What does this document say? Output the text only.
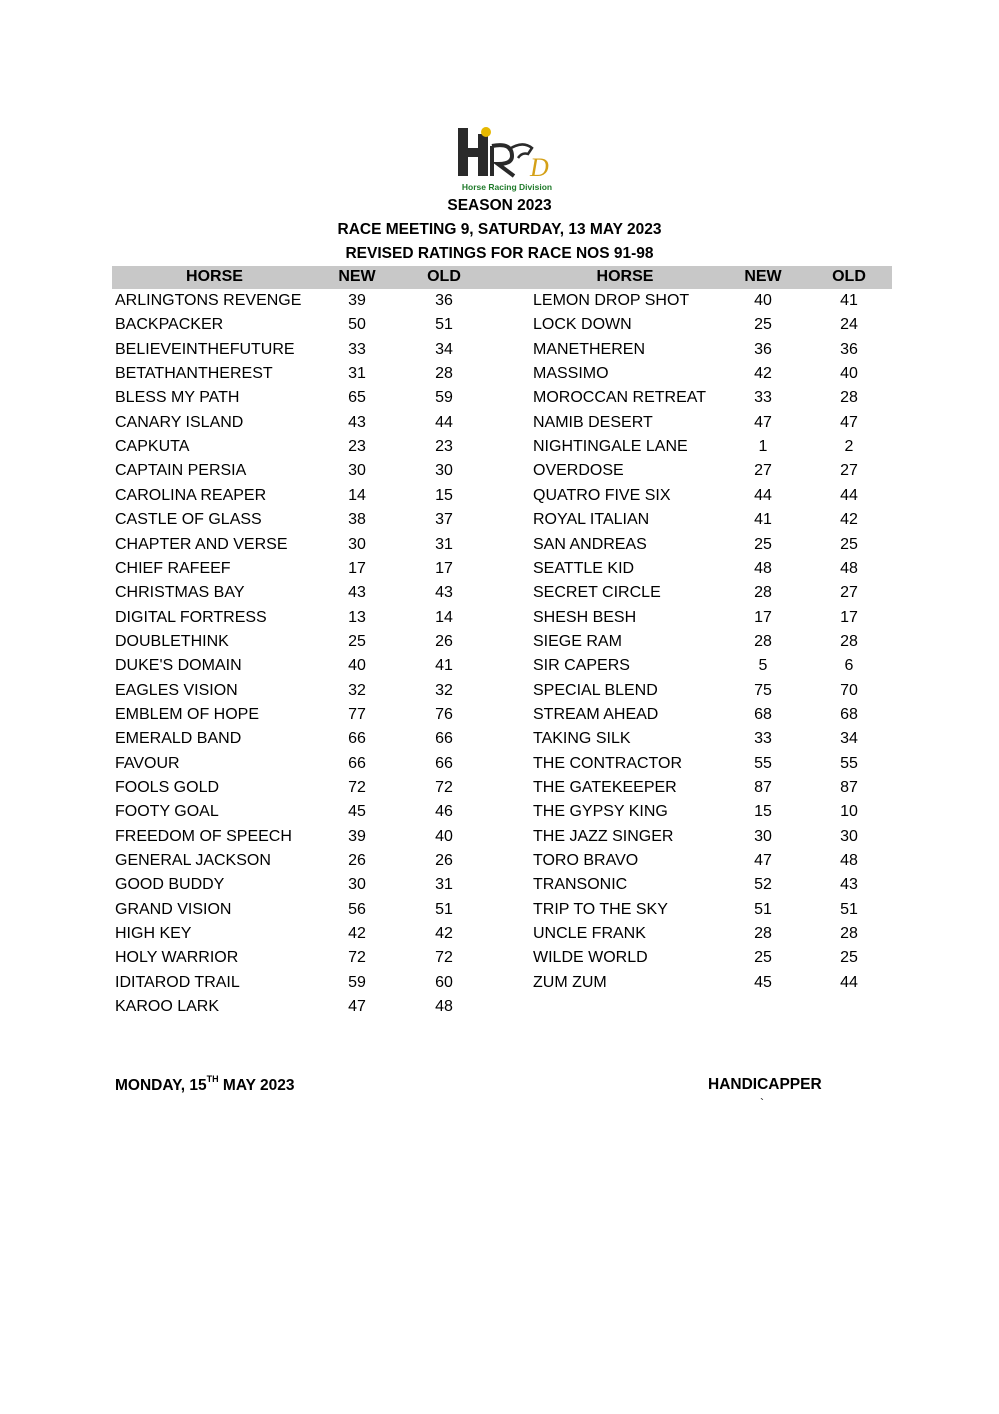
D
Horse Racing Division
SEASON 2023
RACE MEETING 9, SATURDAY, 13 MAY 2023
REVISED RATINGS FOR RACE NOS 91-98
HORSE	NEW	OLD	HORSE	NEW	OLD
ARLINGTONS REVENGE	39	36	LEMON DROP SHOT	40	41
BACKPACKER	50	51	LOCK DOWN	25	24
BELIEVEINTHEFUTURE	33	34	MANETHEREN	36	36
BETATHANTHEREST	31	28	MASSIMO	42	40
BLESS MY PATH	65	59	MOROCCAN RETREAT	33	28
CANARY ISLAND	43	44	NAMIB DESERT	47	47
CAPKUTA	23	23	NIGHTINGALE LANE	1	2
CAPTAIN PERSIA	30	30	OVERDOSE	27	27
CAROLINA REAPER	14	15	QUATRO FIVE SIX	44	44
CASTLE OF GLASS	38	37	ROYAL ITALIAN	41	42
CHAPTER AND VERSE	30	31	SAN ANDREAS	25	25
CHIEF RAFEEF	17	17	SEATTLE KID	48	48
CHRISTMAS BAY	43	43	SECRET CIRCLE	28	27
DIGITAL FORTRESS	13	14	SHESH BESH	17	17
DOUBLETHINK	25	26	SIEGE RAM	28	28
DUKE'S DOMAIN	40	41	SIR CAPERS	5	6
EAGLES VISION	32	32	SPECIAL BLEND	75	70
EMBLEM OF HOPE	77	76	STREAM AHEAD	68	68
EMERALD BAND	66	66	TAKING SILK	33	34
FAVOUR	66	66	THE CONTRACTOR	55	55
FOOLS GOLD	72	72	THE GATEKEEPER	87	87
FOOTY GOAL	45	46	THE GYPSY KING	15	10
FREEDOM OF SPEECH	39	40	THE JAZZ SINGER	30	30
GENERAL JACKSON	26	26	TORO BRAVO	47	48
GOOD BUDDY	30	31	TRANSONIC	52	43
GRAND VISION	56	51	TRIP TO THE SKY	51	51
HIGH KEY	42	42	UNCLE FRANK	28	28
HOLY WARRIOR	72	72	WILDE WORLD	25	25
IDITAROD TRAIL	59	60	ZUM ZUM	45	44
KAROO LARK	47	48
MONDAY, 15TH MAY 2023	HANDICAPPER
`
